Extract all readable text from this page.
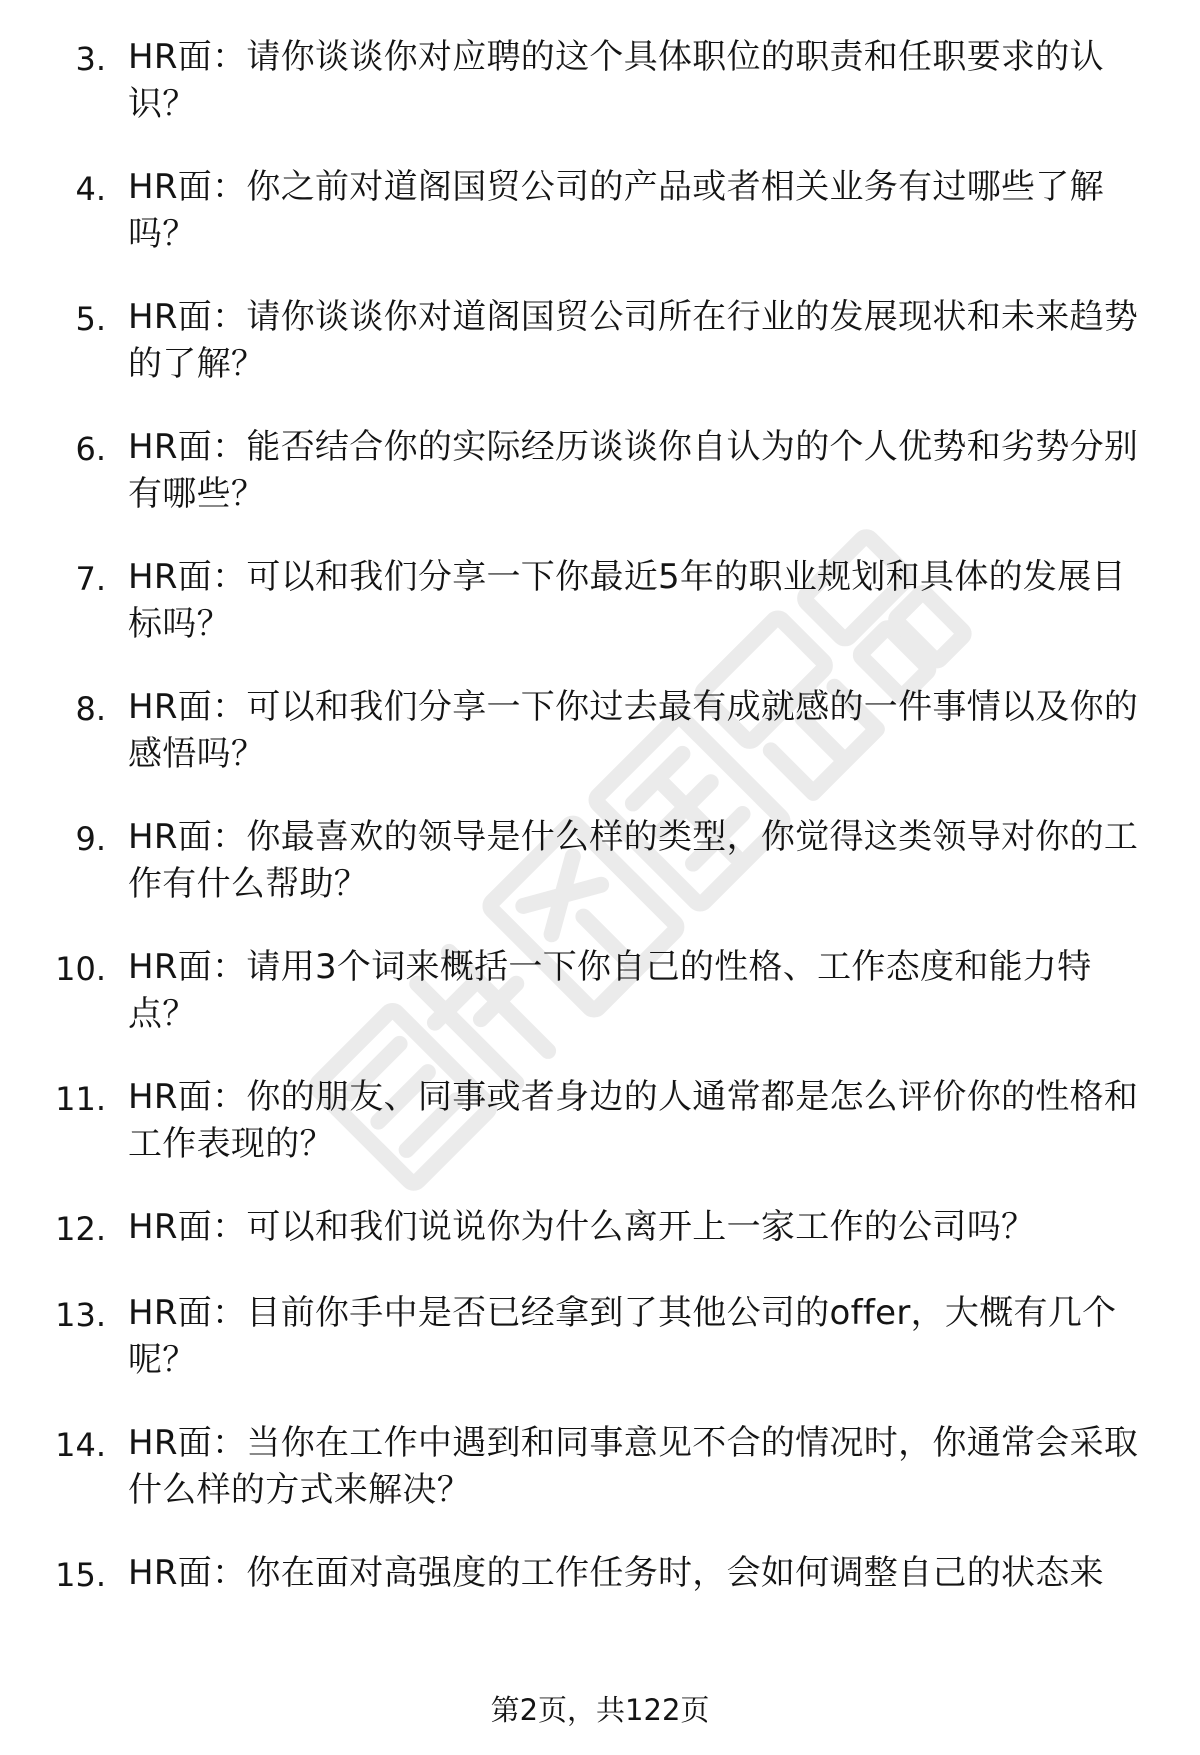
3. HR面：请你谈谈你对应聘的这个具体职位的职责和任职要求的认识？
4. HR面：你之前对道阁国贸公司的产品或者相关业务有过哪些了解吗？
5. HR面：请你谈谈你对道阁国贸公司所在行业的发展现状和未来趋势的了解？
6. HR面：能否结合你的实际经历谈谈你自认为的个人优势和劣势分别有哪些？
7. HR面：可以和我们分享一下你最近5年的职业规划和具体的发展目标吗？
8. HR面：可以和我们分享一下你过去最有成就感的一件事情以及你的感悟吗？
9. HR面：你最喜欢的领导是什么样的类型，你觉得这类领导对你的工作有什么帮助？
10. HR面：请用3个词来概括一下你自己的性格、工作态度和能力特点？
11. HR面：你的朋友、同事或者身边的人通常都是怎么评价你的性格和工作表现的？
12. HR面：可以和我们说说你为什么离开上一家工作的公司吗？
13. HR面：目前你手中是否已经拿到了其他公司的offer，大概有几个呢？
14. HR面：当你在工作中遇到和同事意见不合的情况时，你通常会采取什么样的方式来解决？
15. HR面：你在面对高强度的工作任务时，会如何调整自己的状态来
第2页，共122页
